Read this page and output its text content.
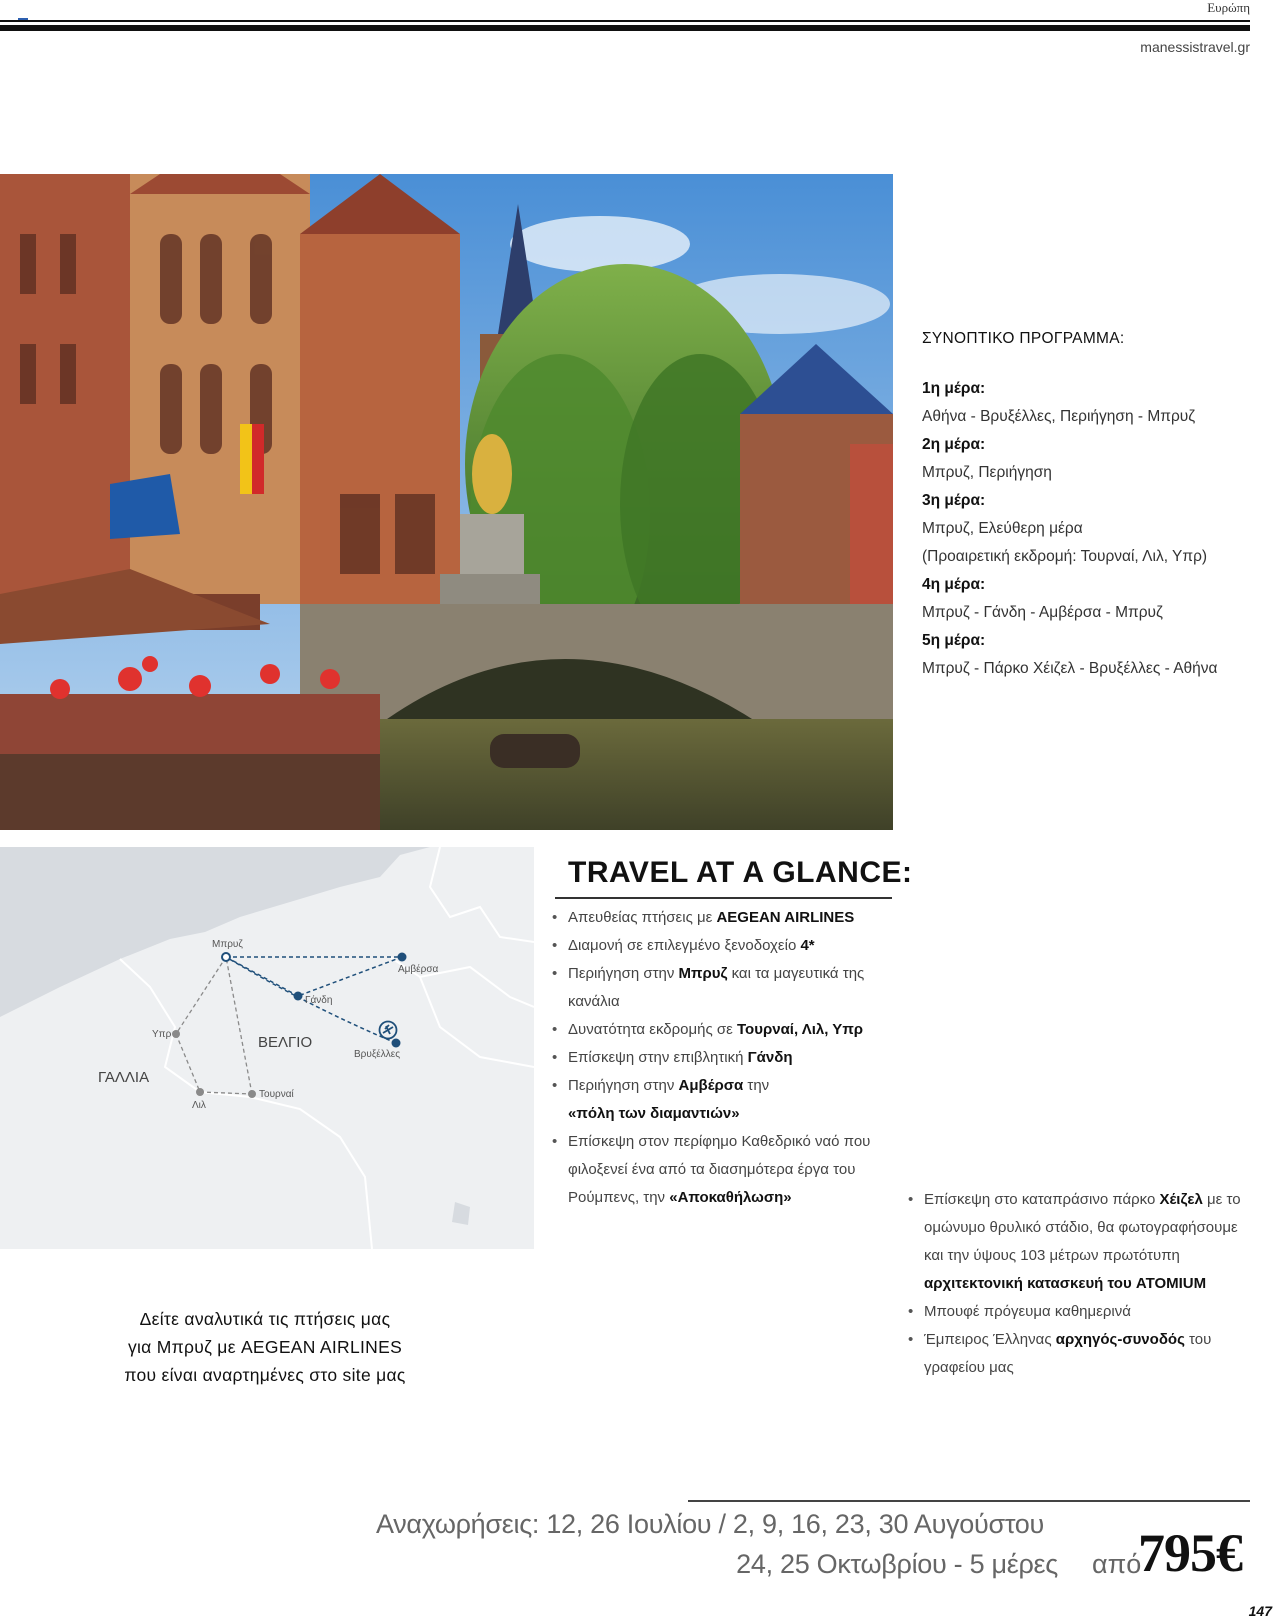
Ευρώπη
manessistravel.gr
ΣΥΝΟΠΤΙΚΟ ΠΡΟΓΡΑΜΜΑ:
1η μέρα:
Αθήνα - Βρυξέλλες, Περιήγηση - Μπρυζ
2η μέρα:
Μπρυζ, Περιήγηση
3η μέρα:
Μπρυζ, Ελεύθερη μέρα
(Προαιρετική εκδρομή: Τουρναί, Λιλ, Υπρ)
4η μέρα:
Μπρυζ - Γάνδη - Αμβέρσα - Μπρυζ
5η μέρα:
Μπρυζ - Πάρκο Χέιζελ - Βρυξέλλες - Αθήνα
Μπρυζ
Αμβέρσα
Γάνδη
Βρυξέλλες
Υπρ
Λιλ
Τουρναί
ΒΕΛΓΙΟ
ΓΑΛΛΙΑ
TRAVEL AT A GLANCE:
• Απευθείας πτήσεις με AEGEAN AIRLINES
• Διαμονή σε επιλεγμένο ξενοδοχείο 4*
• Περιήγηση στην Μπρυζ και τα μαγευτικά της κανάλια
• Δυνατότητα εκδρομής σε Τουρναί, Λιλ, Υπρ
• Επίσκεψη στην επιβλητική Γάνδη
• Περιήγηση στην Αμβέρσα την
«πόλη των διαμαντιών»
• Επίσκεψη στον περίφημο Καθεδρικό ναό που φιλοξενεί ένα από τα διασημότερα έργα του Ρούμπενς, την «Αποκαθήλωση»
•	Επίσκεψη στο καταπράσινο πάρκο Χέιζελ με το ομώνυμο θρυλικό στάδιο, θα φωτογραφήσουμε και την ύψους 103 μέτρων πρωτότυπη αρχιτεκτονική κατασκευή του ATOMIUM
• Μπουφέ πρόγευμα καθημερινά
• Έμπειρος Έλληνας αρχηγός-συνοδός του γραφείου μας
Δείτε αναλυτικά τις πτήσεις μας
για Μπρυζ με AEGEAN AIRLINES
που είναι αναρτημένες στο site μας
Αναχωρήσεις: 12, 26 Ιουλίου / 2, 9, 16, 23, 30 Αυγούστου
24, 25 Οκτωβρίου - 5 μέρες από
795€
147
